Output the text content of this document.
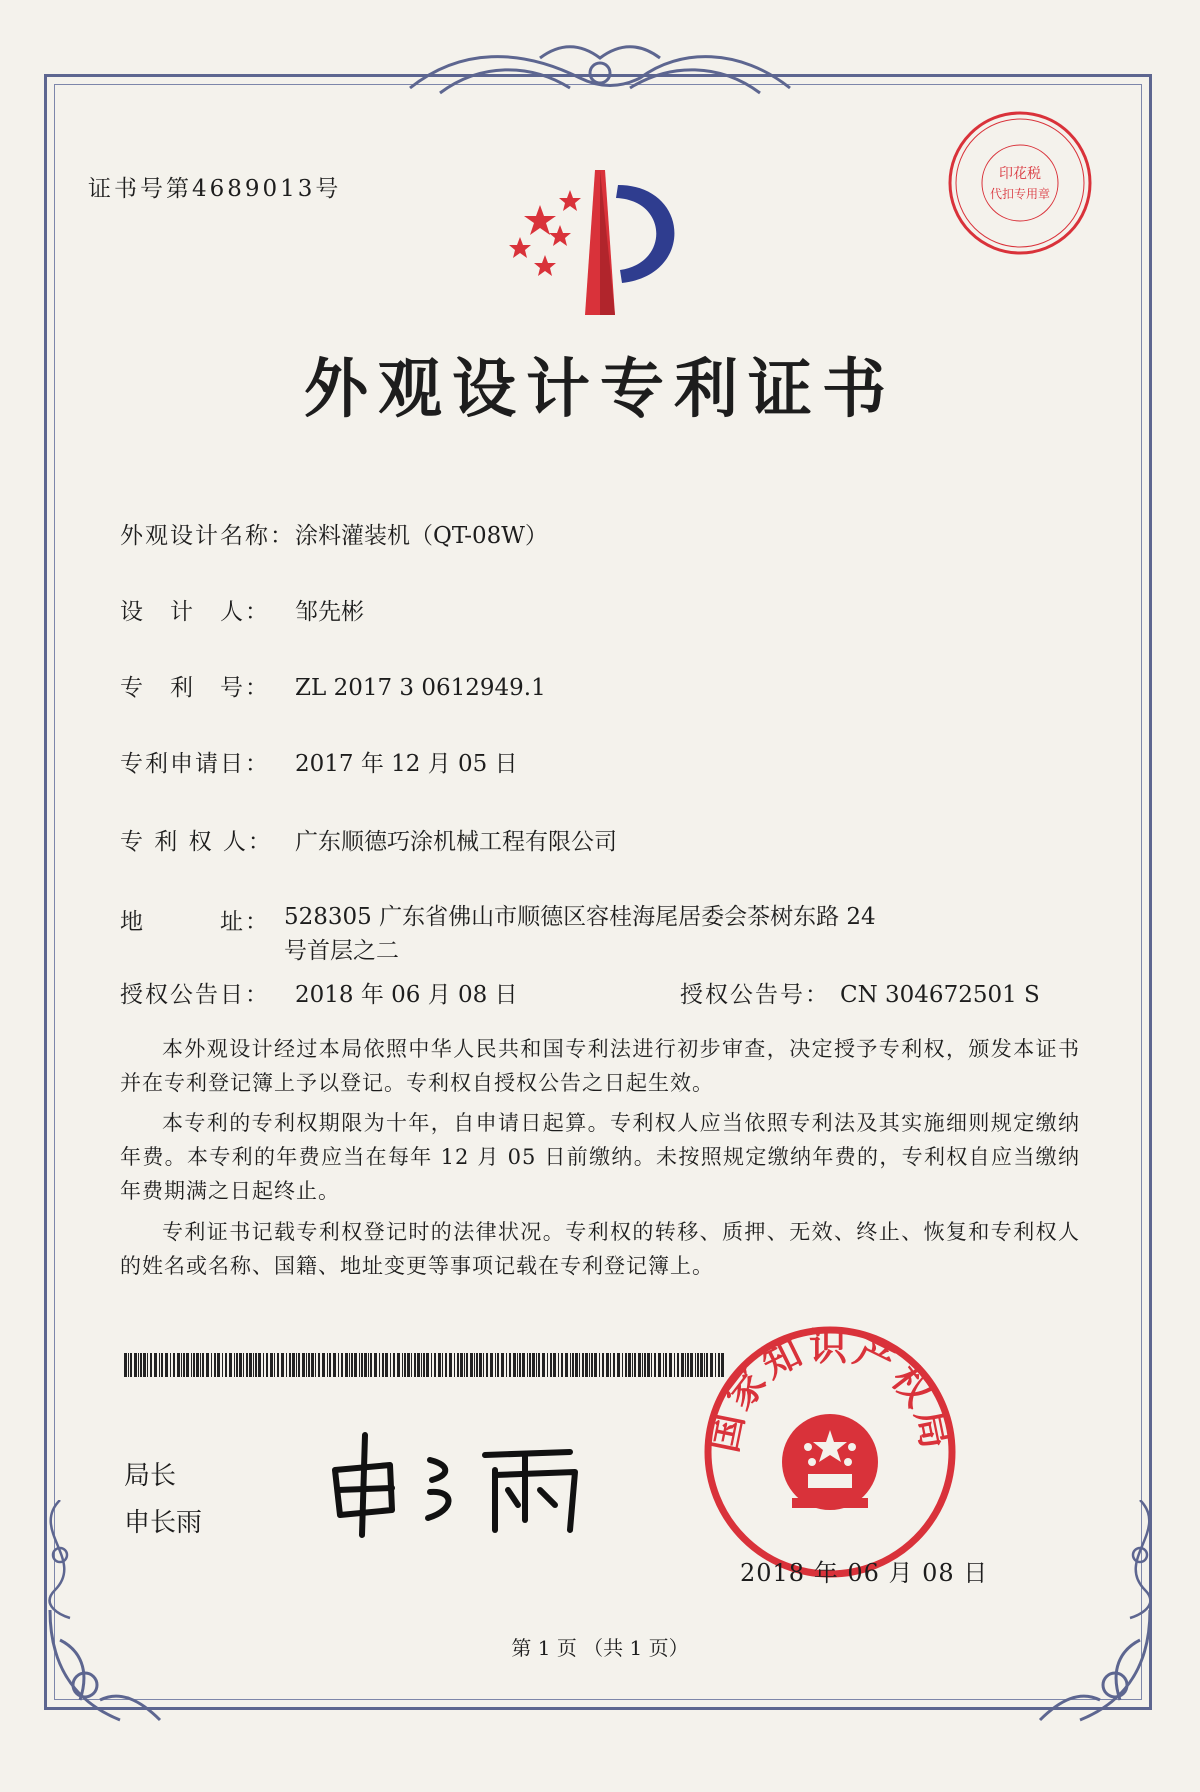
证书号第4689013号
印花税
代扣专用章
外观设计专利证书
外观设计名称：涂料灌装机（QT-08W）
设　计　人： 邹先彬
专　利　号： ZL 2017 3 0612949.1
专利申请日： 2017 年 12 月 05 日
专 利 权 人： 广东顺德巧涂机械工程有限公司
地　　　址： 528305 广东省佛山市顺德区容桂海尾居委会茶树东路 24
号首层之二
授权公告日： 2018 年 06 月 08 日	授权公告号： CN 304672501 S
本外观设计经过本局依照中华人民共和国专利法进行初步审查，决定授予专利权，颁发本证书并在专利登记簿上予以登记。专利权自授权公告之日起生效。
本专利的专利权期限为十年，自申请日起算。专利权人应当依照专利法及其实施细则规定缴纳年费。本专利的年费应当在每年 12 月 05 日前缴纳。未按照规定缴纳年费的，专利权自应当缴纳年费期满之日起终止。
专利证书记载专利权登记时的法律状况。专利权的转移、质押、无效、终止、恢复和专利权人的姓名或名称、国籍、地址变更等事项记载在专利登记簿上。
局长
申长雨
国家知识产权局
2018 年 06 月 08 日
第 1 页 （共 1 页）
